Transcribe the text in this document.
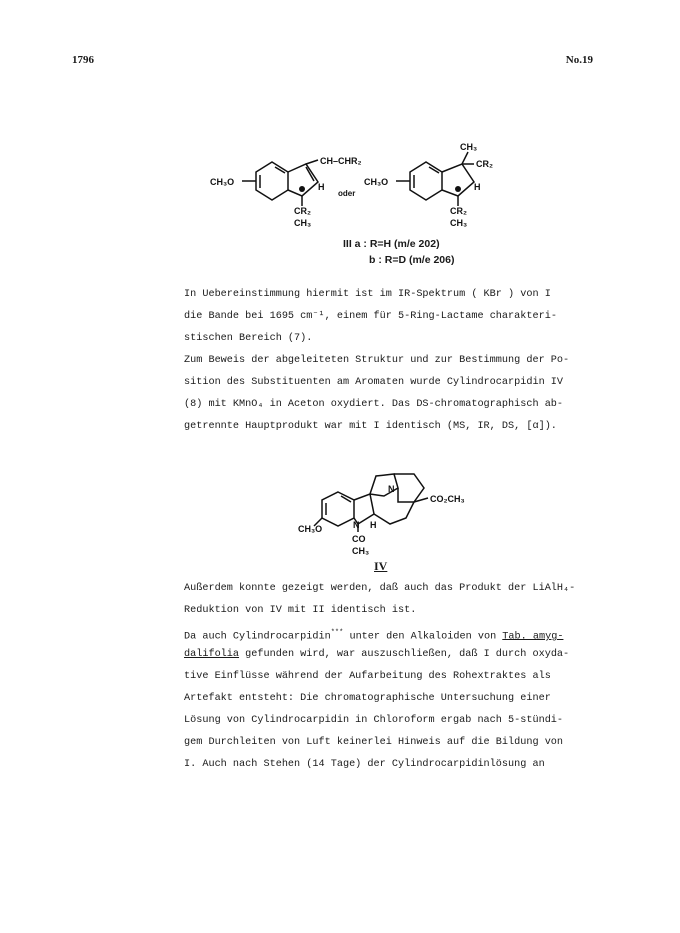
1796	No.19
CH₃O
CH–CHR₂
H
CR₂
CH₃
oder
CH₃O
CH₃
CR₂
H
CR₂
CH₃
III a : R=H (m/e 202)
b : R=D (m/e 206)
In Uebereinstimmung hiermit ist im IR-Spektrum ( KBr ) von I
die Bande bei 1695 cm⁻¹, einem für 5-Ring-Lactame charakteri-
stischen Bereich (7).
Zum Beweis der abgeleiteten Struktur und zur Bestimmung der Po-
sition des Substituenten am Aromaten wurde Cylindrocarpidin IV
(8) mit KMnO₄ in Aceton oxydiert. Das DS-chromatographisch ab-
getrennte Hauptprodukt war mit I identisch (MS, IR, DS, [α]).
N
CO₂CH₃
CH₃O	N H
CO
CH₃
IV
Außerdem konnte gezeigt werden, daß auch das Produkt der LiAlH₄-
Reduktion von IV mit II identisch ist.
Da auch Cylindrocarpidin*** unter den Alkaloiden von Tab. amyg-
dalifolia gefunden wird, war auszuschließen, daß I durch oxyda-
tive Einflüsse während der Aufarbeitung des Rohextraktes als
Artefakt entsteht: Die chromatographische Untersuchung einer
Lösung von Cylindrocarpidin in Chloroform ergab nach 5-stündi-
gem Durchleiten von Luft keinerlei Hinweis auf die Bildung von
I. Auch nach Stehen (14 Tage) der Cylindrocarpidinlösung an
